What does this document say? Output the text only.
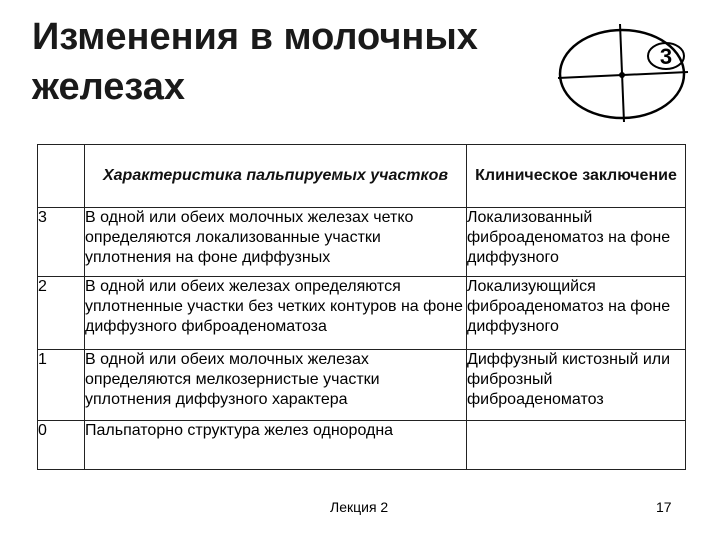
Изменения в молочных
железах
3
	Характеристика пальпируемых участков	Клиническое заключение
3	В одной или обеих молочных железах четко определяются локализованные участки уплотнения на фоне диффузных	Локализованный фиброаденоматоз на фоне диффузного
2	В одной или обеих железах определяются уплотненные участки без четких контуров на фоне диффузного фиброаденоматоза	Локализующийся фиброаденоматоз на фоне диффузного
1	В одной или обеих молочных железах определяются мелкозернистые участки уплотнения диффузного характера	Диффузный кистозный или фиброзный фиброаденоматоз
0	Пальпаторно структура желез однородна	
Лекция 2	17
